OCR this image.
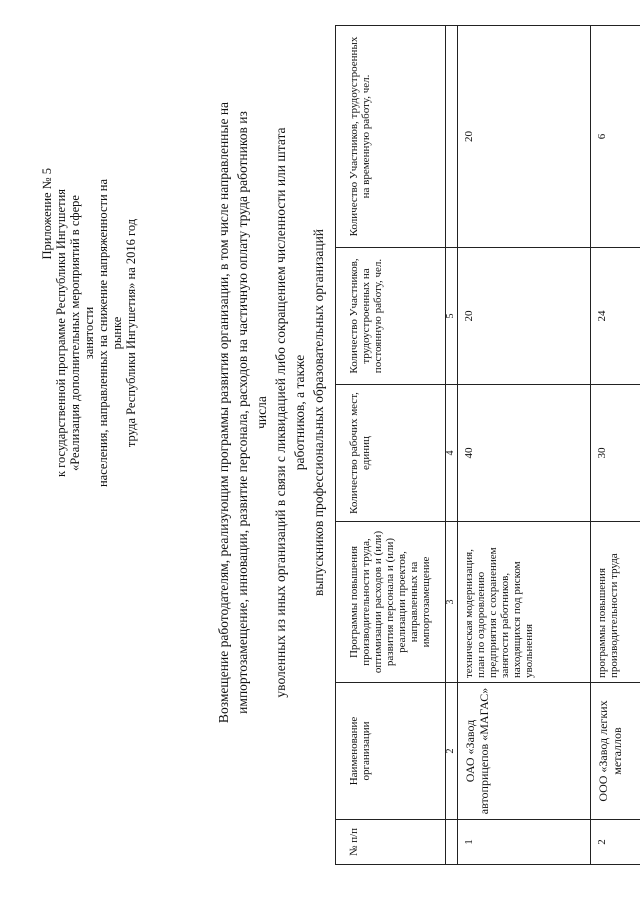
Приложение № 5 к государственной программе Республики Ингушетия «Реализация дополнительных мероприятий в сфере занятости населения, направленных на снижение напряженности на рынке труда Республики Ингушетия» на 2016 год	Возмещение работодателям, реализующим программы развития организации, в том числе направленные на импортозамещение, инновации, развитие персонала, расходов на частичную оплату труда работников из числа уволенных из иных организаций в связи с ликвидацией либо сокращением численности или штата работников, а также выпускников профессиональных образовательных организаций
№ п/п	Наименование организации	Программы повышения производительности труда, оптимизации расходов и (или) развития персонала и (или) реализации проектов, направленных на импортозамещение	Количество рабочих мест, единиц	Количество Участников, трудоустроенных на постоянную работу, чел.	Количество Участников, трудоустроенных на временную работу, чел.
	2	3	4	5	
1	ОАО «Завод автоприцепов «МАГАС»	техническая модернизация, план по оздоровлению предприятия с сохранением занятости работников, находящихся под риском увольнения	40	20	20
2	ООО «Завод легких металлов	программы повышения производительности труда	30	24	6
